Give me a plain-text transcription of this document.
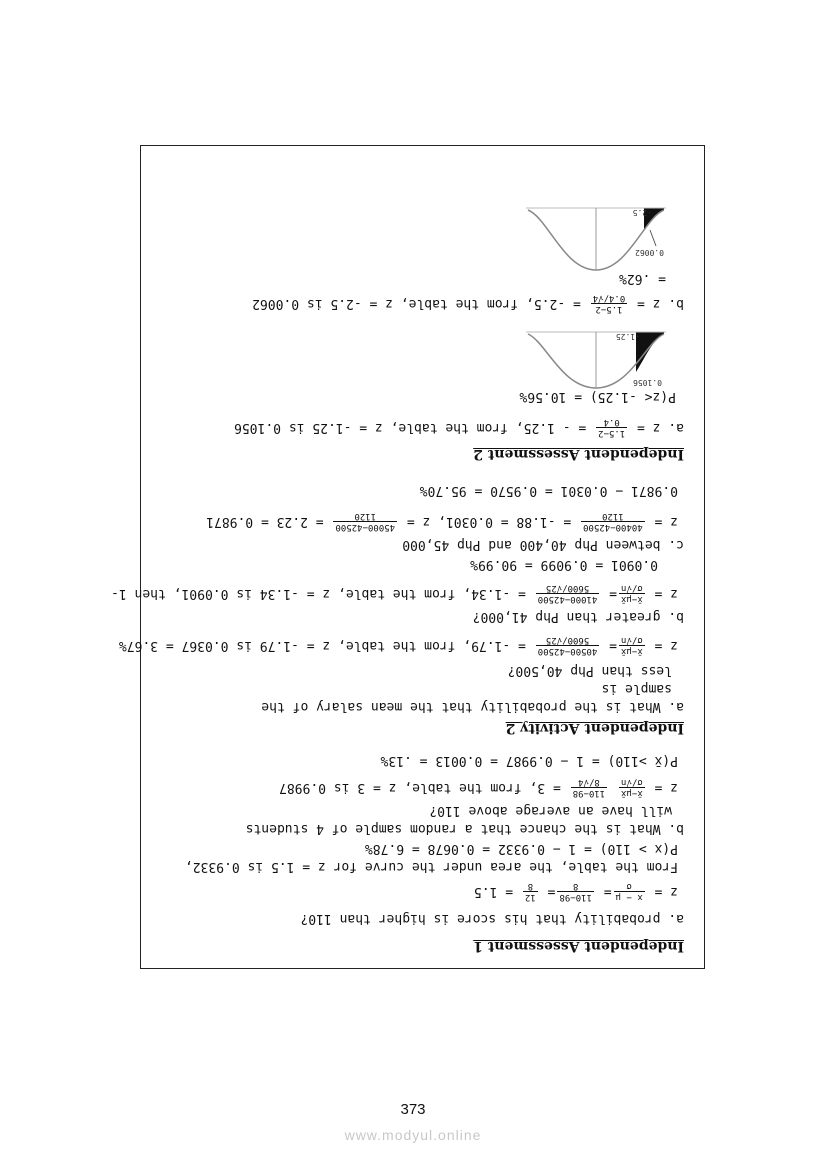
Independent Assessment 1
a. probability that his score is higher than 110?
z =
x − μ
σ
=
110−98
8
=
12
8
= 1.5
From the table, the area under the curve for z = 1.5 is 0.9332,
P(x > 110) = 1 − 0.9332 = 0.0678 = 6.78%
b. What is the chance that a random sample of 4 students
will have an average above 110?
z =
x̄−μx̄
σ/√n

110−98
8/√4
= 3, from the table, z = 3 is 0.9987
P(x̄ >110) = 1 − 0.9987 = 0.0013 = .13%
Independent Activity 2
a. What is the probability that the mean salary of the
sample is
less than Php 40,500?
z =
x̄−μx̄
σ/√n
=
40500−42500
5600/√25
= -1.79, from the table, z = -1.79 is 0.0367 = 3.67%
b. greater than Php 41,000?
z =
x̄−μx̄
σ/√n
=
41000−42500
5600/√25
= -1.34, from the table, z = -1.34 is 0.0901, then 1-
0.0901 = 0.9099 = 90.99%
c. between Php 40,400 and Php 45,000
z =
40400−42500
1120
= -1.88 = 0.0301, z =
45000−42500
1120
= 2.23 = 0.9871
0.9871 − 0.0301 = 0.9570 = 95.70%
Independent Assessment 2
a. z =
1.5−2
0.4
= - 1.25, from the table, z = -1.25 is 0.1056
P(z< -1.25) = 10.56%
0.1056
-1.25
b. z =
1.5−2
0.4/√4
= -2.5, from the table, z = -2.5 is 0.0062
= .62%
0.0062
-2.5
373
www.modyul.online
